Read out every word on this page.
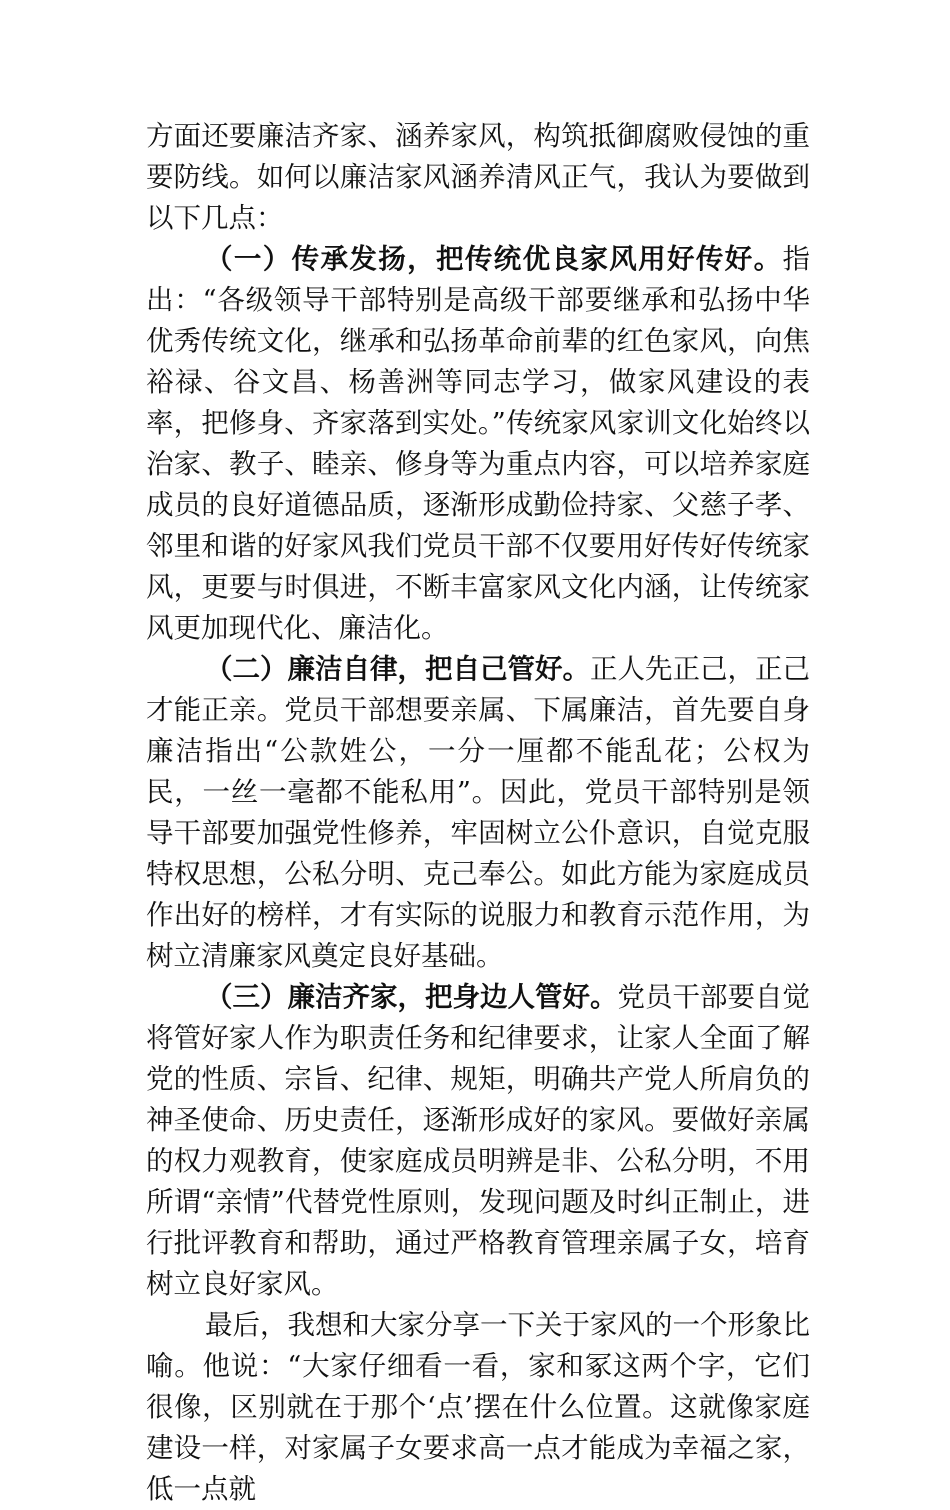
方面还要廉洁齐家、涵养家风，构筑抵御腐败侵蚀的重要防线。如何以廉洁家风涵养清风正气，我认为要做到以下几点：

（一）传承发扬，把传统优良家风用好传好。指出：“各级领导干部特别是高级干部要继承和弘扬中华优秀传统文化，继承和弘扬革命前辈的红色家风，向焦裕禄、谷文昌、杨善洲等同志学习，做家风建设的表率，把修身、齐家落到实处。”传统家风家训文化始终以治家、教子、睦亲、修身等为重点内容，可以培养家庭成员的良好道德品质，逐渐形成勤俭持家、父慈子孝、邻里和谐的好家风我们党员干部不仅要用好传好传统家风，更要与时俱进，不断丰富家风文化内涵，让传统家风更加现代化、廉洁化。

（二）廉洁自律，把自己管好。正人先正己，正己才能正亲。党员干部想要亲属、下属廉洁，首先要自身廉洁指出“公款姓公，一分一厘都不能乱花；公权为民，一丝一毫都不能私用”。因此，党员干部特别是领导干部要加强党性修养，牢固树立公仆意识，自觉克服特权思想，公私分明、克己奉公。如此方能为家庭成员作出好的榜样，才有实际的说服力和教育示范作用，为树立清廉家风奠定良好基础。

（三）廉洁齐家，把身边人管好。党员干部要自觉将管好家人作为职责任务和纪律要求，让家人全面了解党的性质、宗旨、纪律、规矩，明确共产党人所肩负的神圣使命、历史责任，逐渐形成好的家风。要做好亲属的权力观教育，使家庭成员明辨是非、公私分明，不用所谓“亲情”代替党性原则，发现问题及时纠正制止，进行批评教育和帮助，通过严格教育管理亲属子女，培育树立良好家风。

最后，我想和大家分享一下关于家风的一个形象比喻。他说：“大家仔细看一看，家和冢这两个字，它们很像，区别就在于那个‘点’摆在什么位置。这就像家庭建设一样，对家属子女要求高一点才能成为幸福之家，低一点就
